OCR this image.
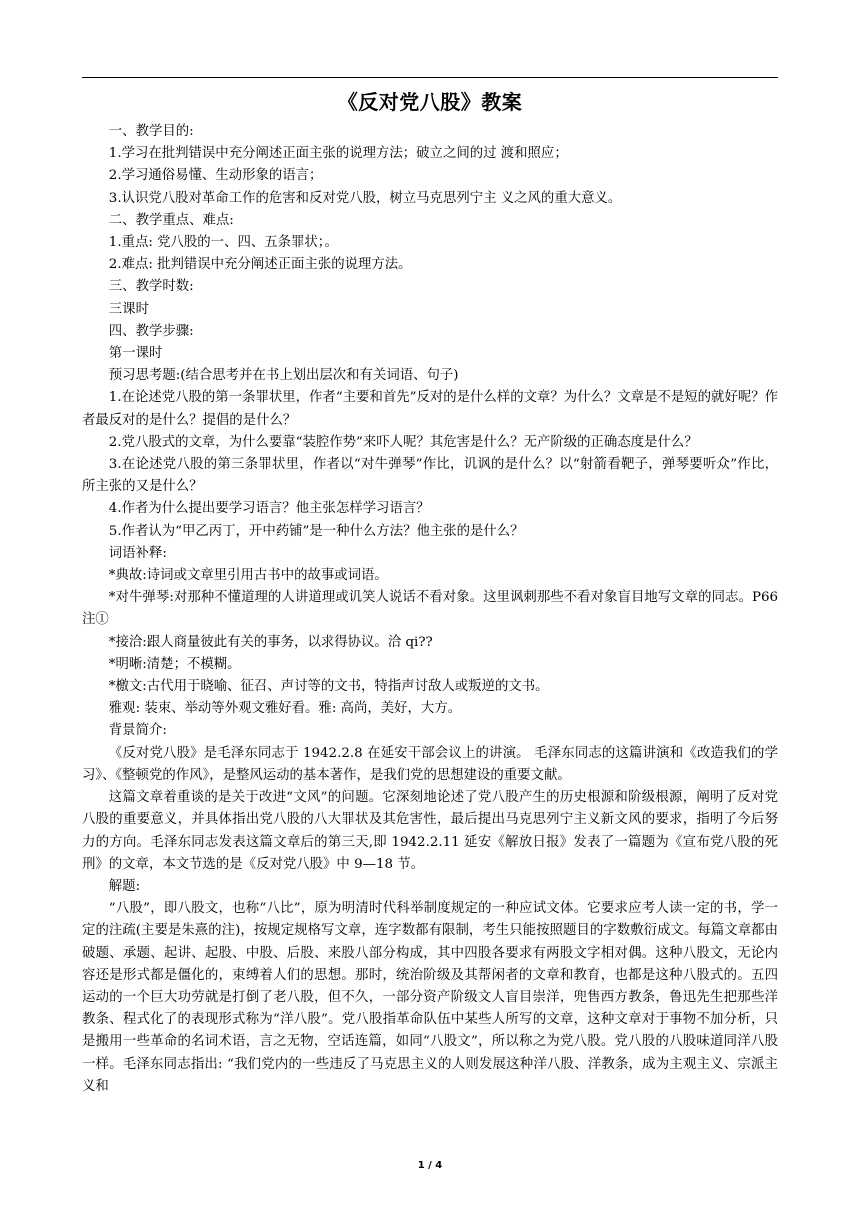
《反对党八股》教案

一、教学目的:

1.学习在批判错误中充分阐述正面主张的说理方法；破立之间的过 渡和照应；

2.学习通俗易懂、生动形象的语言；

3.认识党八股对革命工作的危害和反对党八股，树立马克思列宁主 义之风的重大意义。

二、教学重点、难点:

1.重点: 党八股的一、四、五条罪状；。

2.难点: 批判错误中充分阐述正面主张的说理方法。

三、教学时数:

三课时

四、教学步骤:

第一课时

预习思考题:(结合思考并在书上划出层次和有关词语、句子)

1.在论述党八股的第一条罪状里，作者“主要和首先”反对的是什么样的文章？为什么？文章是不是短的就好呢？作者最反对的是什么？提倡的是什么？

2.党八股式的文章，为什么要靠“装腔作势”来吓人呢？其危害是什么？无产阶级的正确态度是什么？

3.在论述党八股的第三条罪状里，作者以“对牛弹琴”作比，讥讽的是什么？以“射箭看靶子，弹琴要听众”作比，所主张的又是什么？

4.作者为什么提出要学习语言？他主张怎样学习语言？

5.作者认为“甲乙丙丁，开中药铺”是一种什么方法？他主张的是什么？

词语补释:

*典故:诗词或文章里引用古书中的故事或词语。

*对牛弹琴:对那种不懂道理的人讲道理或讥笑人说话不看对象。这里讽刺那些不看对象盲目地写文章的同志。P66 注①

*接洽:跟人商量彼此有关的事务，以求得协议。洽 qi??

*明晰:清楚；不模糊。

*檄文:古代用于晓喻、征召、声讨等的文书，特指声讨敌人或叛逆的文书。

雅观: 装束、举动等外观文雅好看。雅: 高尚，美好，大方。

背景简介:

《反对党八股》是毛泽东同志于 1942.2.8 在延安干部会议上的讲演。 毛泽东同志的这篇讲演和《改造我们的学习》、《整顿党的作风》，是整风运动的基本著作，是我们党的思想建设的重要文献。

这篇文章着重谈的是关于改进“文风”的问题。它深刻地论述了党八股产生的历史根源和阶级根源，阐明了反对党八股的重要意义，并具体指出党八股的八大罪状及其危害性，最后提出马克思列宁主义新文风的要求，指明了今后努力的方向。毛泽东同志发表这篇文章后的第三天,即 1942.2.11 延安《解放日报》发表了一篇题为《宣布党八股的死刑》的文章，本文节选的是《反对党八股》中 9—18 节。

解题:

“八股”，即八股文，也称“八比”，原为明清时代科举制度规定的一种应试文体。它要求应考人读一定的书，学一定的注疏(主要是朱熹的注)，按规定规格写文章，连字数都有限制，考生只能按照题目的字数敷衍成文。每篇文章都由破题、承题、起讲、起股、中股、后股、来股八部分构成，其中四股各要求有两股文字相对偶。这种八股文，无论内容还是形式都是僵化的，束缚着人们的思想。那时，统治阶级及其帮闲者的文章和教育，也都是这种八股式的。五四运动的一个巨大功劳就是打倒了老八股，但不久，一部分资产阶级文人盲目崇洋，兜售西方教条，鲁迅先生把那些洋教条、程式化了的表现形式称为“洋八股”。党八股指革命队伍中某些人所写的文章，这种文章对于事物不加分析，只是搬用一些革命的名词术语，言之无物，空话连篇，如同“八股文”，所以称之为党八股。党八股的八股味道同洋八股一样。毛泽东同志指出: “我们党内的一些违反了马克思主义的人则发展这种洋八股、洋教条，成为主观主义、宗派主义和

1 / 4
